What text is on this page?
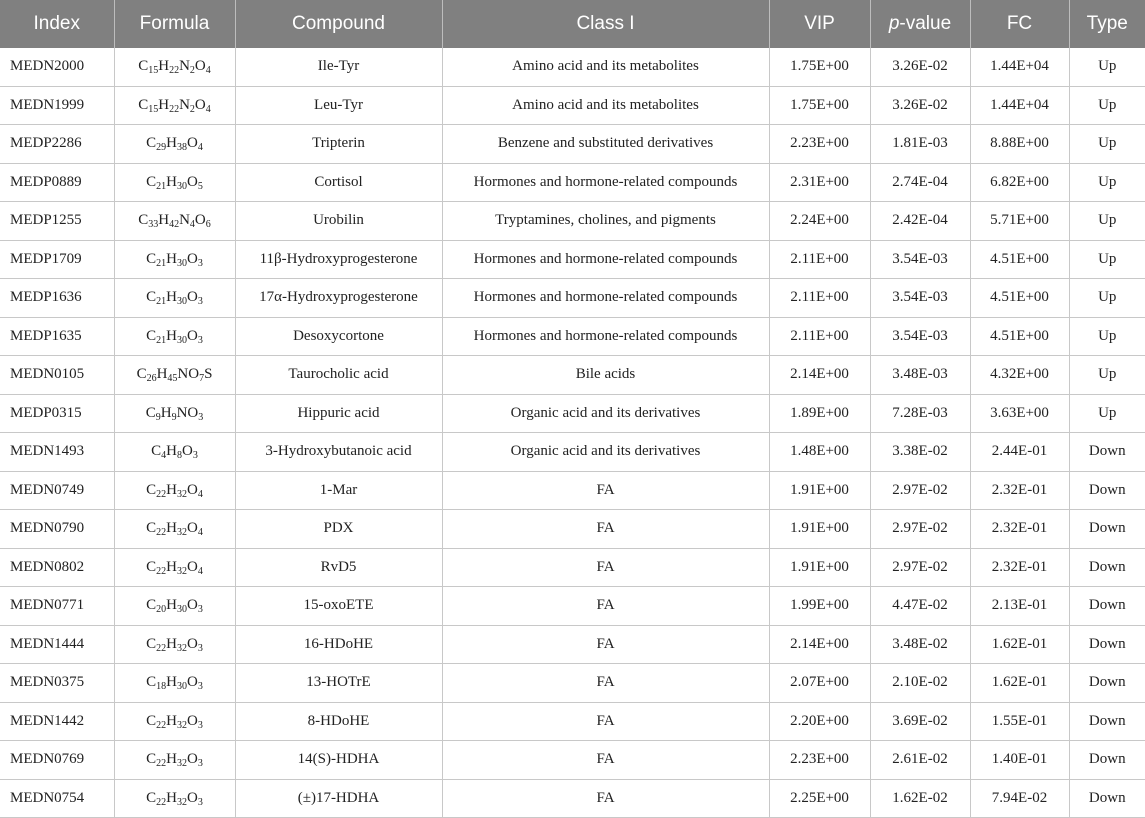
Index	Formula	Compound	Class I	VIP	p-value	FC	Type
MEDN2000	$C_{15}H_{22}N_2O_4$	Ile-Tyr	Amino acid and its metabolites	1.75E+00	3.26E-02	1.44E+04	Up
MEDN1999	$C_{15}H_{22}N_2O_4$	Leu-Tyr	Amino acid and its metabolites	1.75E+00	3.26E-02	1.44E+04	Up
MEDP2286	$C_{29}H_{38}O_4$	Tripterin	Benzene and substituted derivatives	2.23E+00	1.81E-03	8.88E+00	Up
MEDP0889	$C_{21}H_{30}O_5$	Cortisol	Hormones and hormone-related compounds	2.31E+00	2.74E-04	6.82E+00	Up
MEDP1255	$C_{33}H_{42}N_4O_6$	Urobilin	Tryptamines, cholines, and pigments	2.24E+00	2.42E-04	5.71E+00	Up
MEDP1709	$C_{21}H_{30}O_3$	11β-Hydroxyprogesterone	Hormones and hormone-related compounds	2.11E+00	3.54E-03	4.51E+00	Up
MEDP1636	$C_{21}H_{30}O_3$	17α-Hydroxyprogesterone	Hormones and hormone-related compounds	2.11E+00	3.54E-03	4.51E+00	Up
MEDP1635	$C_{21}H_{30}O_3$	Desoxycortone	Hormones and hormone-related compounds	2.11E+00	3.54E-03	4.51E+00	Up
MEDN0105	$C_{26}H_{45}NO_7S$	Taurocholic acid	Bile acids	2.14E+00	3.48E-03	4.32E+00	Up
MEDP0315	$C_9H_9NO_3$	Hippuric acid	Organic acid and its derivatives	1.89E+00	7.28E-03	3.63E+00	Up
MEDN1493	$C_4H_8O_3$	3-Hydroxybutanoic acid	Organic acid and its derivatives	1.48E+00	3.38E-02	2.44E-01	Down
MEDN0749	$C_{22}H_{32}O_4$	1-Mar	FA	1.91E+00	2.97E-02	2.32E-01	Down
MEDN0790	$C_{22}H_{32}O_4$	PDX	FA	1.91E+00	2.97E-02	2.32E-01	Down
MEDN0802	$C_{22}H_{32}O_4$	RvD5	FA	1.91E+00	2.97E-02	2.32E-01	Down
MEDN0771	$C_{20}H_{30}O_3$	15-oxoETE	FA	1.99E+00	4.47E-02	2.13E-01	Down
MEDN1444	$C_{22}H_{32}O_3$	16-HDoHE	FA	2.14E+00	3.48E-02	1.62E-01	Down
MEDN0375	$C_{18}H_{30}O_3$	13-HOTrE	FA	2.07E+00	2.10E-02	1.62E-01	Down
MEDN1442	$C_{22}H_{32}O_3$	8-HDoHE	FA	2.20E+00	3.69E-02	1.55E-01	Down
MEDN0769	$C_{22}H_{32}O_3$	14(S)-HDHA	FA	2.23E+00	2.61E-02	1.40E-01	Down
MEDN0754	$C_{22}H_{32}O_3$	(±)17-HDHA	FA	2.25E+00	1.62E-02	7.94E-02	Down
